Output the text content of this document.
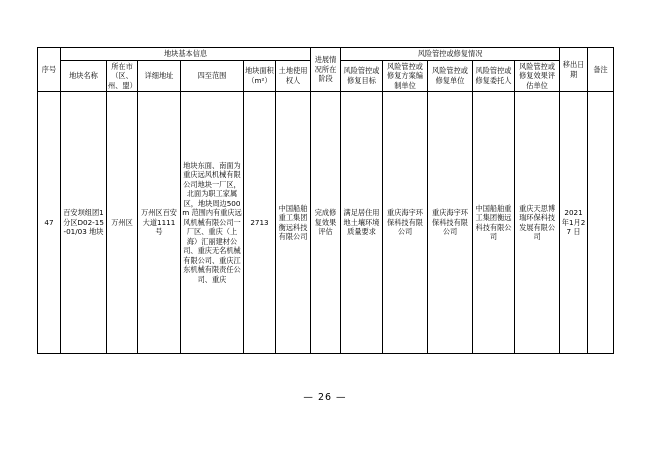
序号	地块基本信息						进展情况所在阶段	风险管控或修复情况					移出日期	备注
	地块名称	所在市（区、州、盟）	详细地址	四至范围	地块面积（m²）	土地使用权人		风险管控或修复目标	风险管控或修复方案编制单位	风险管控或修复单位	风险管控或修复委托人	风险管控或修复效果评估单位		
47	百安坝组团1分区D02-15-01/03 地块	万州区	万州区百安大道1111 号	地块东面、南面为重庆远风机械有限公司地块一厂区，北面为职工家属区，地块周边500m 范围内有重庆远风机械有限公司一厂区、重庆（上海）汇丽建材公司、重庆无名机械有限公司、重庆江东机械有限责任公司、重庆	2713	中国船舶重工集团衡远科技有限公司	完成修复效果评估	满足居住用地土壤环境质量要求	重庆海宇环保科技有限公司	重庆海宇环保科技有限公司	中国船舶重工集团衡远科技有限公司	重庆天思博瑞环保科技发展有限公司	2021年1月27 日	
— 26 —
